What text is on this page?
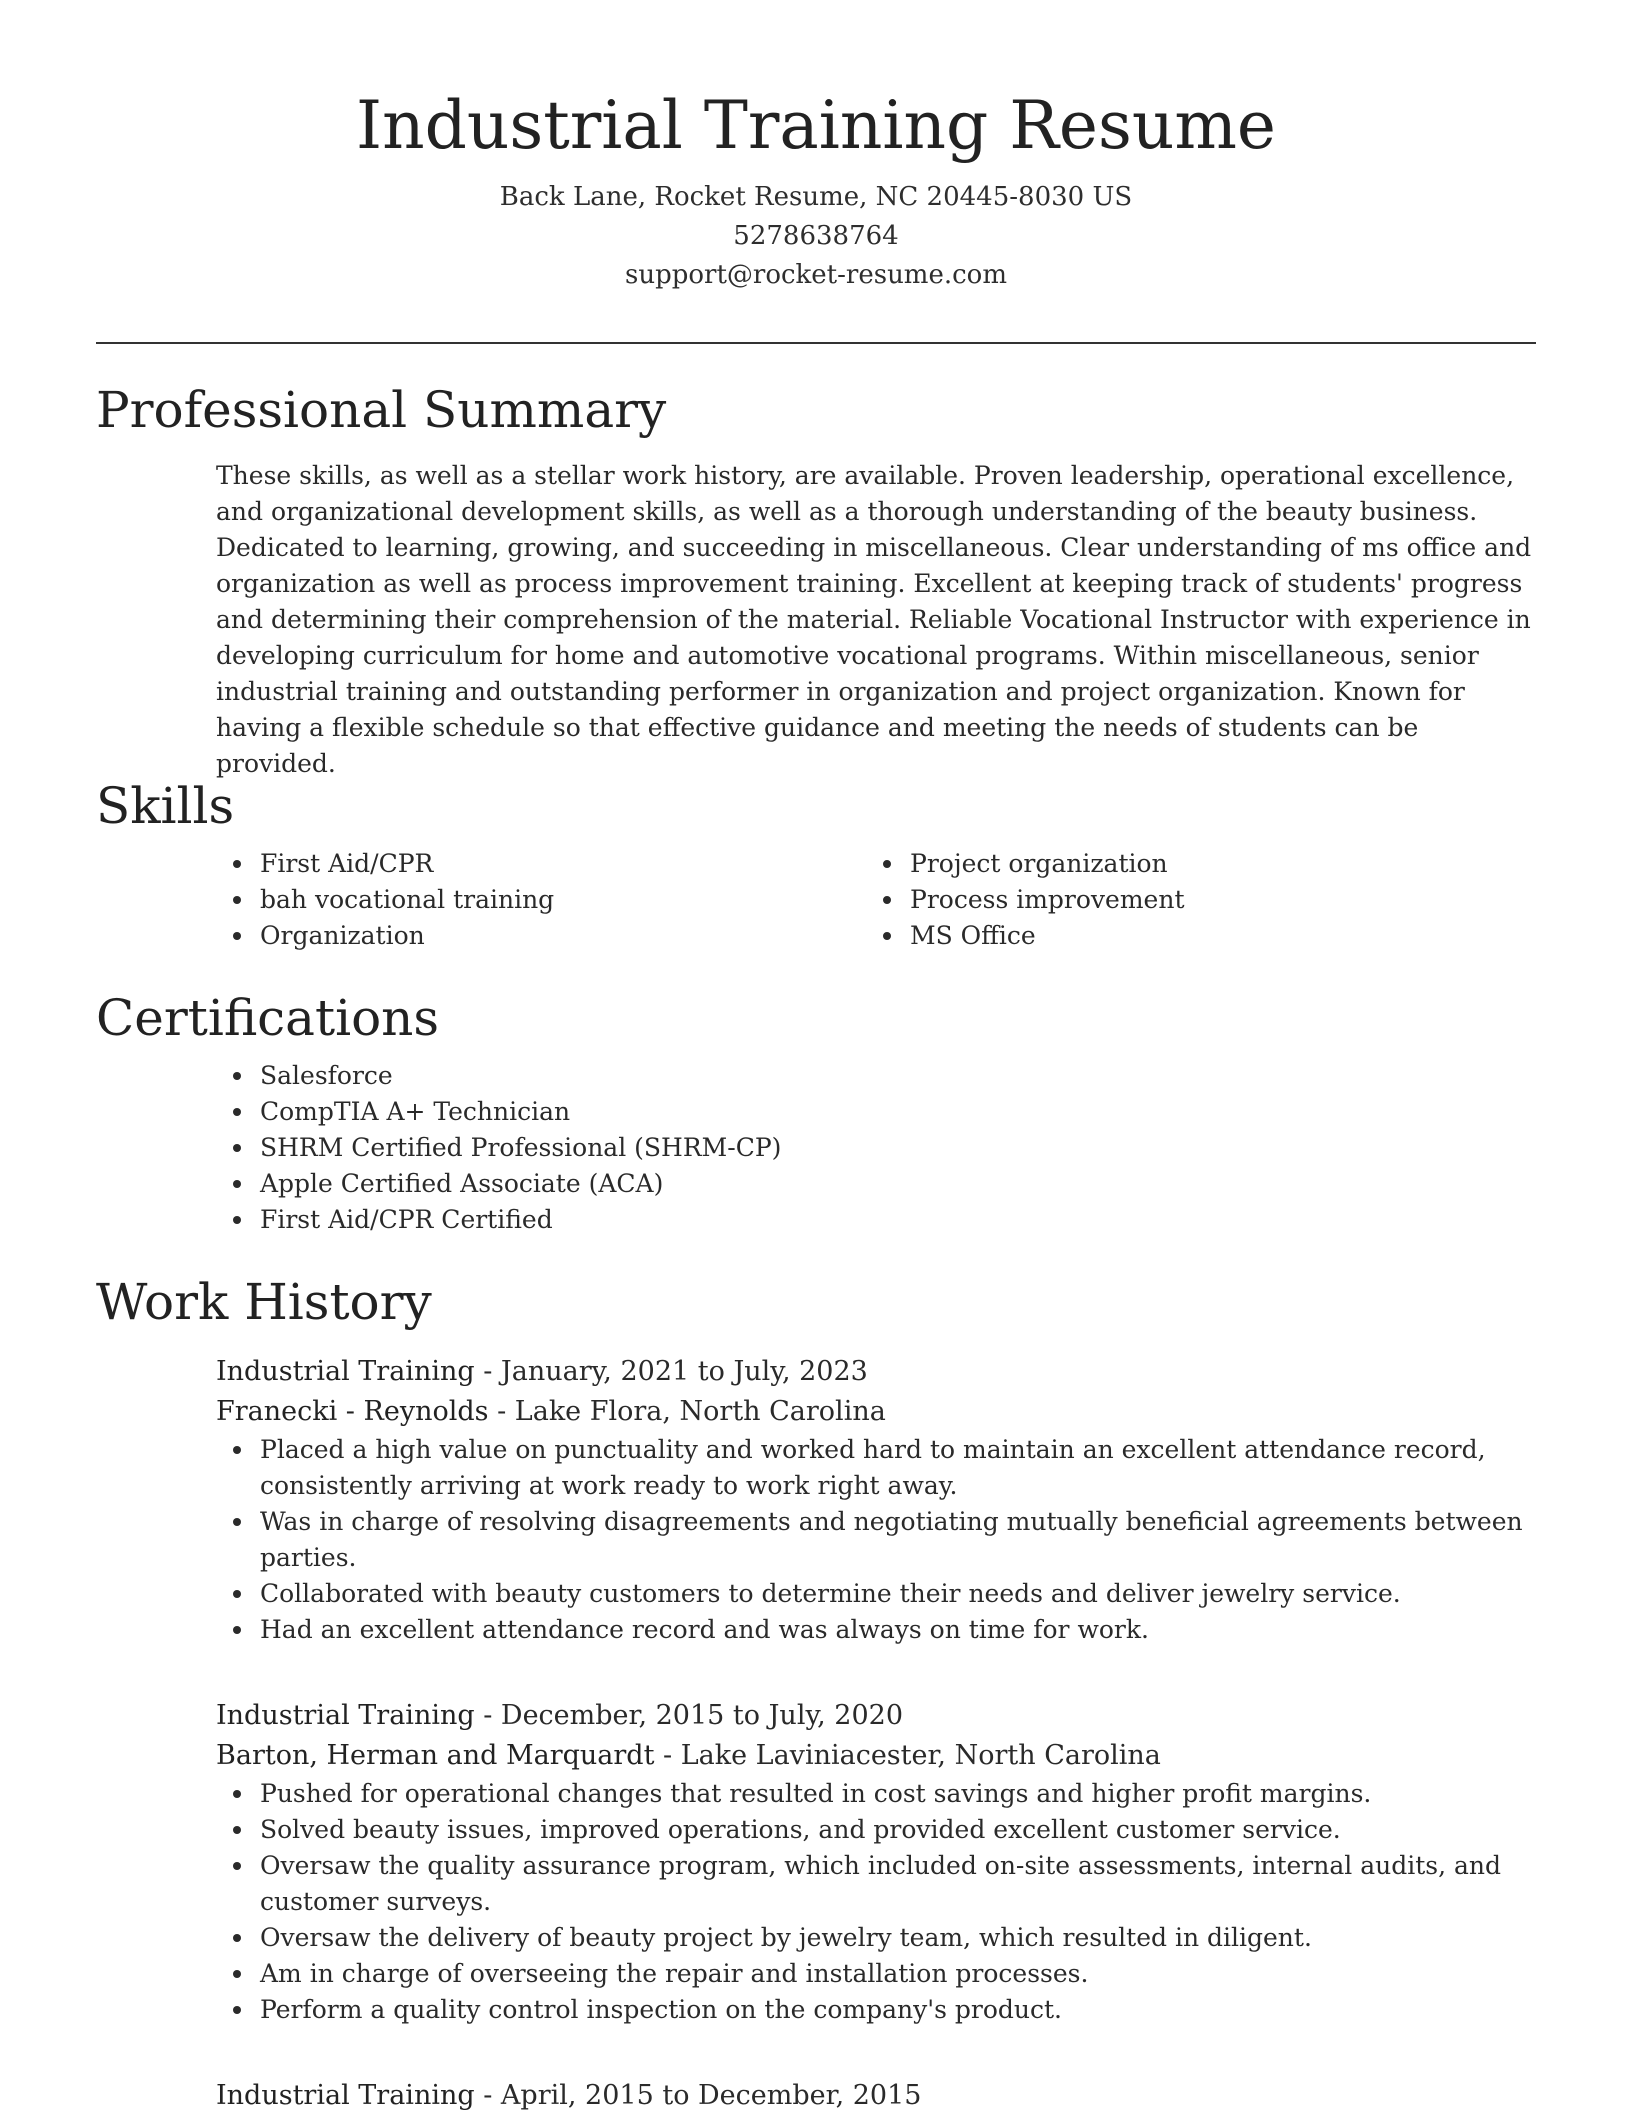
Industrial Training Resume
Back Lane, Rocket Resume, NC 20445-8030 US
5278638764
support@rocket-resume.com
Professional Summary
These skills, as well as a stellar work history, are available. Proven leadership, operational excellence, and organizational development skills, as well as a thorough understanding of the beauty business. Dedicated to learning, growing, and succeeding in miscellaneous. Clear understanding of ms office and organization as well as process improvement training. Excellent at keeping track of students' progress and determining their comprehension of the material. Reliable Vocational Instructor with experience in developing curriculum for home and automotive vocational programs. Within miscellaneous, senior industrial training and outstanding performer in organization and project organization. Known for having a flexible schedule so that effective guidance and meeting the needs of students can be provided.
Skills
First Aid/CPR
bah vocational training
Organization
Project organization
Process improvement
MS Office
Certifications
Salesforce
CompTIA A+ Technician
SHRM Certified Professional (SHRM-CP)
Apple Certified Associate (ACA)
First Aid/CPR Certified
Work History
Industrial Training - January, 2021 to July, 2023
Franecki - Reynolds - Lake Flora, North Carolina
Placed a high value on punctuality and worked hard to maintain an excellent attendance record, consistently arriving at work ready to work right away.
Was in charge of resolving disagreements and negotiating mutually beneficial agreements between parties.
Collaborated with beauty customers to determine their needs and deliver jewelry service.
Had an excellent attendance record and was always on time for work.
Industrial Training - December, 2015 to July, 2020
Barton, Herman and Marquardt - Lake Laviniacester, North Carolina
Pushed for operational changes that resulted in cost savings and higher profit margins.
Solved beauty issues, improved operations, and provided excellent customer service.
Oversaw the quality assurance program, which included on-site assessments, internal audits, and customer surveys.
Oversaw the delivery of beauty project by jewelry team, which resulted in diligent.
Am in charge of overseeing the repair and installation processes.
Perform a quality control inspection on the company's product.
Industrial Training - April, 2015 to December, 2015
